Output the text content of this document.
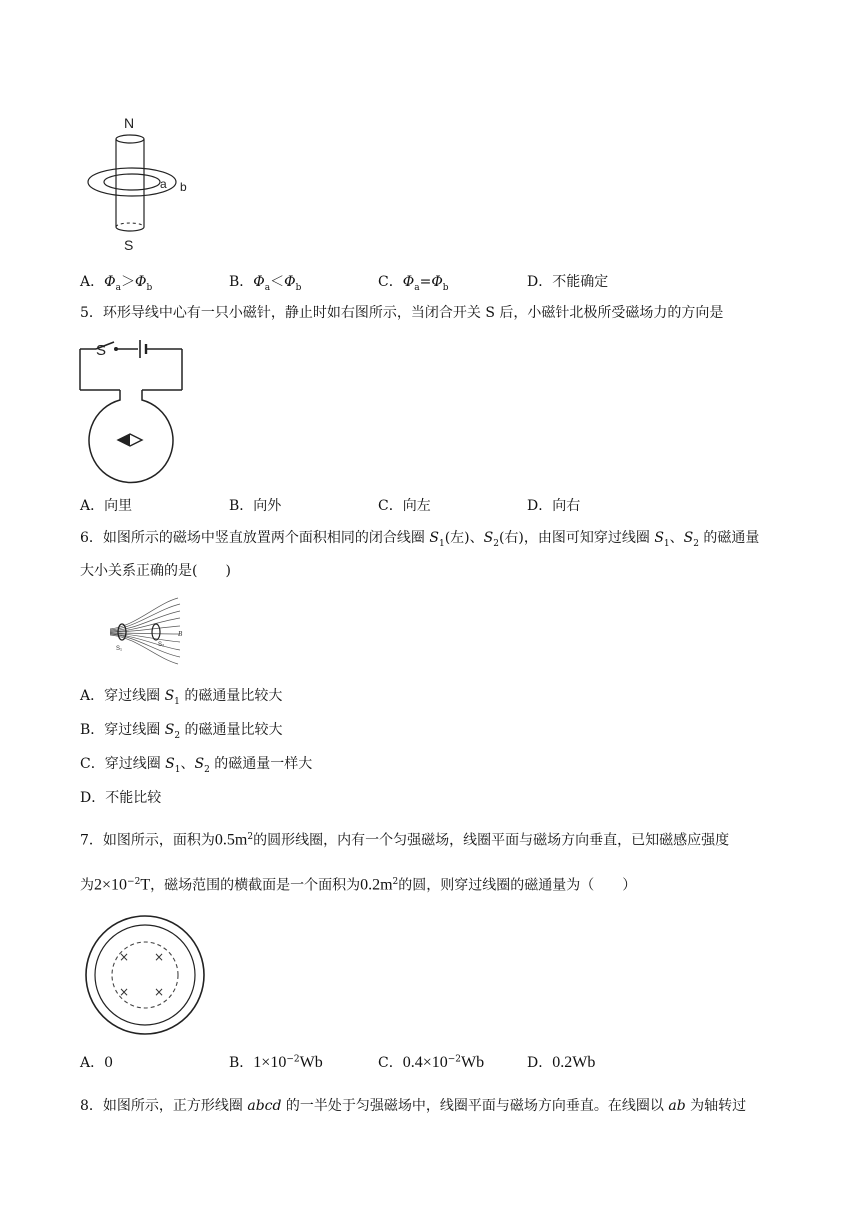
N
S
a b
A．$\Phi_a>\Phi_b$	B．$\Phi_a<\Phi_b$	C．$\Phi_a=\Phi_b$	D．不能确定
5．环形导线中心有一只小磁针，静止时如右图所示，当闭合开关 S 后，小磁针北极所受磁场力的方向是
S
A．向里	B．向外	C．向左	D．向右
6．如图所示的磁场中竖直放置两个面积相同的闭合线圈 $S_1$(左)、$S_2$(右)，由图可知穿过线圈 $S_1$、$S_2$ 的磁通量
大小关系正确的是(　　)
S₁
S₂
B
A．穿过线圈 $S_1$ 的磁通量比较大
B．穿过线圈 $S_2$ 的磁通量比较大
C．穿过线圈 $S_1$、$S_2$ 的磁通量一样大
D．不能比较
7．如图所示，面积为$0.5m^2$的圆形线圈，内有一个匀强磁场，线圈平面与磁场方向垂直，已知磁感应强度
为$2\times 10^{-2}T$，磁场范围的横截面是一个面积为$0.2m^2$的圆，则穿过线圈的磁通量为（　　）
× ×
× ×
A．0	B．$1\times 10^{-2}Wb$	C．$0.4\times 10^{-2}Wb$	D．0.2Wb
8．如图所示，正方形线圈 abcd 的一半处于匀强磁场中，线圈平面与磁场方向垂直。在线圈以 ab 为轴转过
